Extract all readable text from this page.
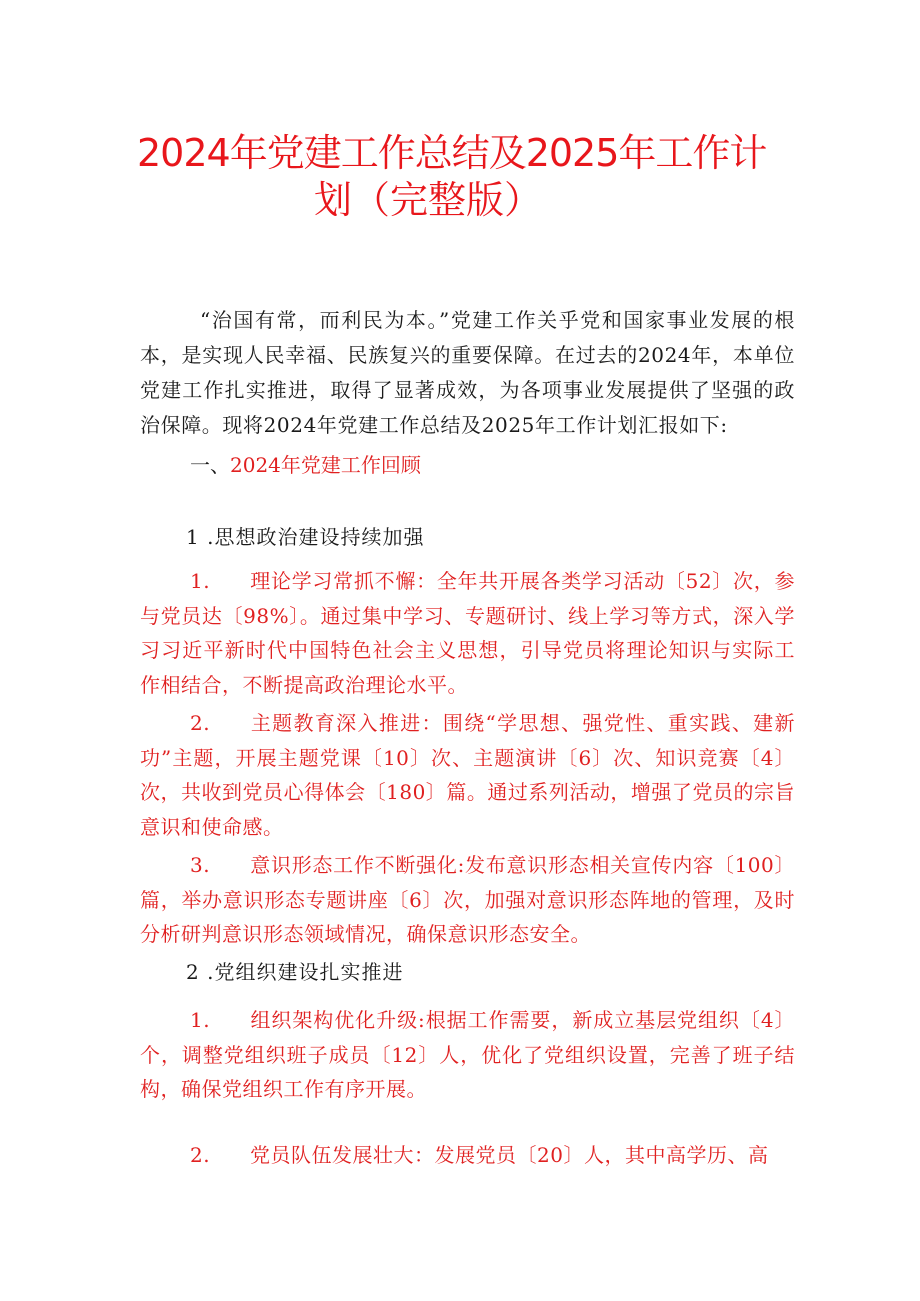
2024年党建工作总结及2025年工作计
划（完整版）

“治国有常，而利民为本。”党建工作关乎党和国家事业发展的根本，是实现人民幸福、民族复兴的重要保障。在过去的2024年，本单位党建工作扎实推进，取得了显著成效，为各项事业发展提供了坚强的政治保障。现将2024年党建工作总结及2025年工作计划汇报如下:

一、2024年党建工作回顾
1 .思想政治建设持续加强

1. 理论学习常抓不懈：全年共开展各类学习活动〔52〕次，参与党员达〔98%〕。通过集中学习、专题研讨、线上学习等方式，深入学习习近平新时代中国特色社会主义思想，引导党员将理论知识与实际工作相结合，不断提高政治理论水平。

2. 主题教育深入推进：围绕“学思想、强党性、重实践、建新功”主题，开展主题党课〔10〕次、主题演讲〔6〕次、知识竞赛〔4〕次，共收到党员心得体会〔180〕篇。通过系列活动，增强了党员的宗旨意识和使命感。

3. 意识形态工作不断强化:发布意识形态相关宣传内容〔100〕篇，举办意识形态专题讲座〔6〕次，加强对意识形态阵地的管理，及时分析研判意识形态领域情况，确保意识形态安全。

2 .党组织建设扎实推进

1. 组织架构优化升级:根据工作需要，新成立基层党组织〔4〕个，调整党组织班子成员〔12〕人，优化了党组织设置，完善了班子结构，确保党组织工作有序开展。

2. 党员队伍发展壮大：发展党员〔20〕人，其中高学历、高
